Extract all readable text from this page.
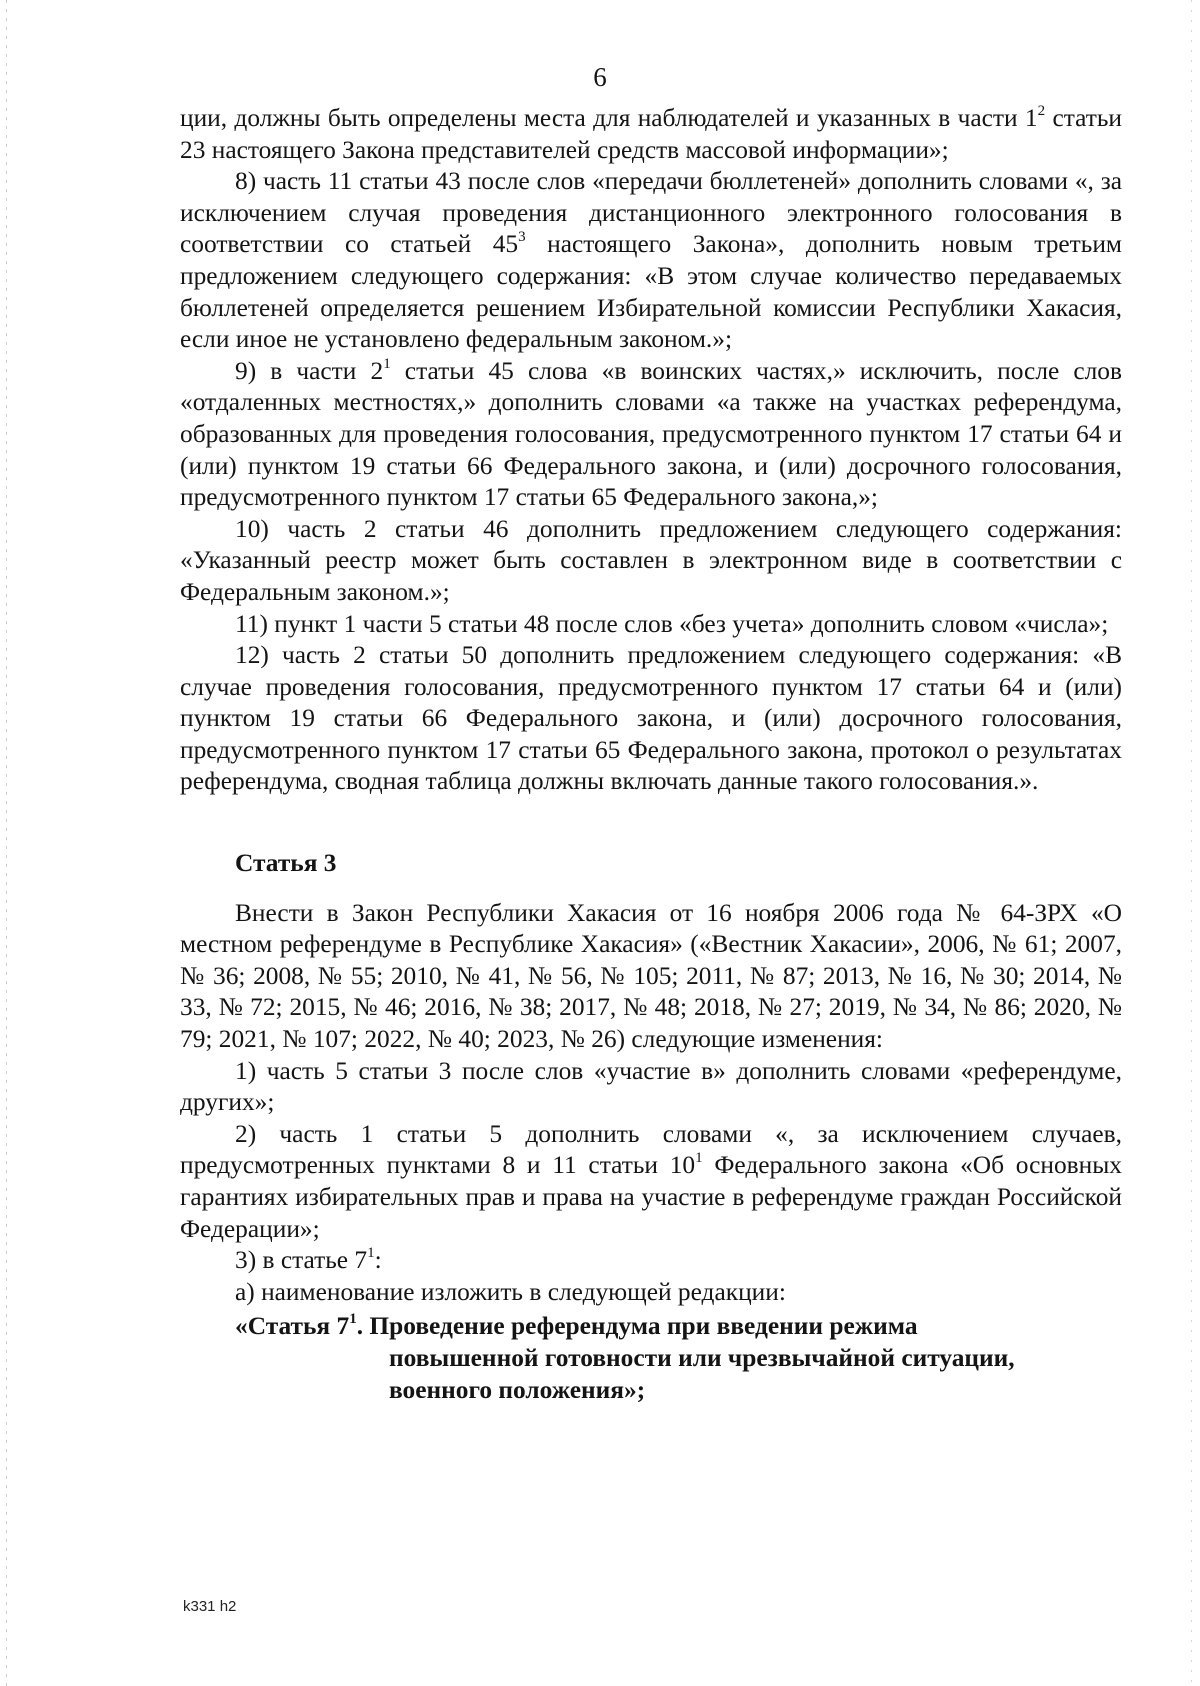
6

ции, должны быть определены места для наблюдателей и указанных в части $1^2$ статьи 23 настоящего Закона представителей средств массовой информации»;

8) часть 11 статьи 43 после слов «передачи бюллетеней» дополнить словами «, за исключением случая проведения дистанционного электронного голосования в соответствии со статьей $45^3$ настоящего Закона», дополнить новым третьим предложением следующего содержания: «В этом случае количество передаваемых бюллетеней определяется решением Избирательной комиссии Республики Хакасия, если иное не установлено федеральным законом.»;

9) в части $2^1$ статьи 45 слова «в воинских частях,» исключить, после слов «отдаленных местностях,» дополнить словами «а также на участках референдума, образованных для проведения голосования, предусмотренного пунктом 17 статьи 64 и (или) пунктом 19 статьи 66 Федерального закона, и (или) досрочного голосования, предусмотренного пунктом 17 статьи 65 Федерального закона,»;

10) часть 2 статьи 46 дополнить предложением следующего содержания: «Указанный реестр может быть составлен в электронном виде в соответствии с Федеральным законом.»;

11) пункт 1 части 5 статьи 48 после слов «без учета» дополнить словом «числа»;

12) часть 2 статьи 50 дополнить предложением следующего содержания: «В случае проведения голосования, предусмотренного пунктом 17 статьи 64 и (или) пунктом 19 статьи 66 Федерального закона, и (или) досрочного голосования, предусмотренного пунктом 17 статьи 65 Федерального закона, протокол о результатах референдума, сводная таблица должны включать данные такого голосования.».

Статья 3

Внести в Закон Республики Хакасия от 16 ноября 2006 года № 64-ЗРХ «О местном референдуме в Республике Хакасия» («Вестник Хакасии», 2006, № 61; 2007, № 36; 2008, № 55; 2010, № 41, № 56, № 105; 2011, № 87; 2013, № 16, № 30; 2014, № 33, № 72; 2015, № 46; 2016, № 38; 2017, № 48; 2018, № 27; 2019, № 34, № 86; 2020, № 79; 2021, № 107; 2022, № 40; 2023, № 26) следующие изменения:

1) часть 5 статьи 3 после слов «участие в» дополнить словами «референдуме, других»;

2) часть 1 статьи 5 дополнить словами «, за исключением случаев, предусмотренных пунктами 8 и 11 статьи $10^1$ Федерального закона «Об основных гарантиях избирательных прав и права на участие в референдуме граждан Российской Федерации»;

3) в статье $7^1$:

а) наименование изложить в следующей редакции:

«Статья $7^1$. Проведение референдума при введении режима
повышенной готовности или чрезвычайной ситуации,
военного положения»;
k331 h2
